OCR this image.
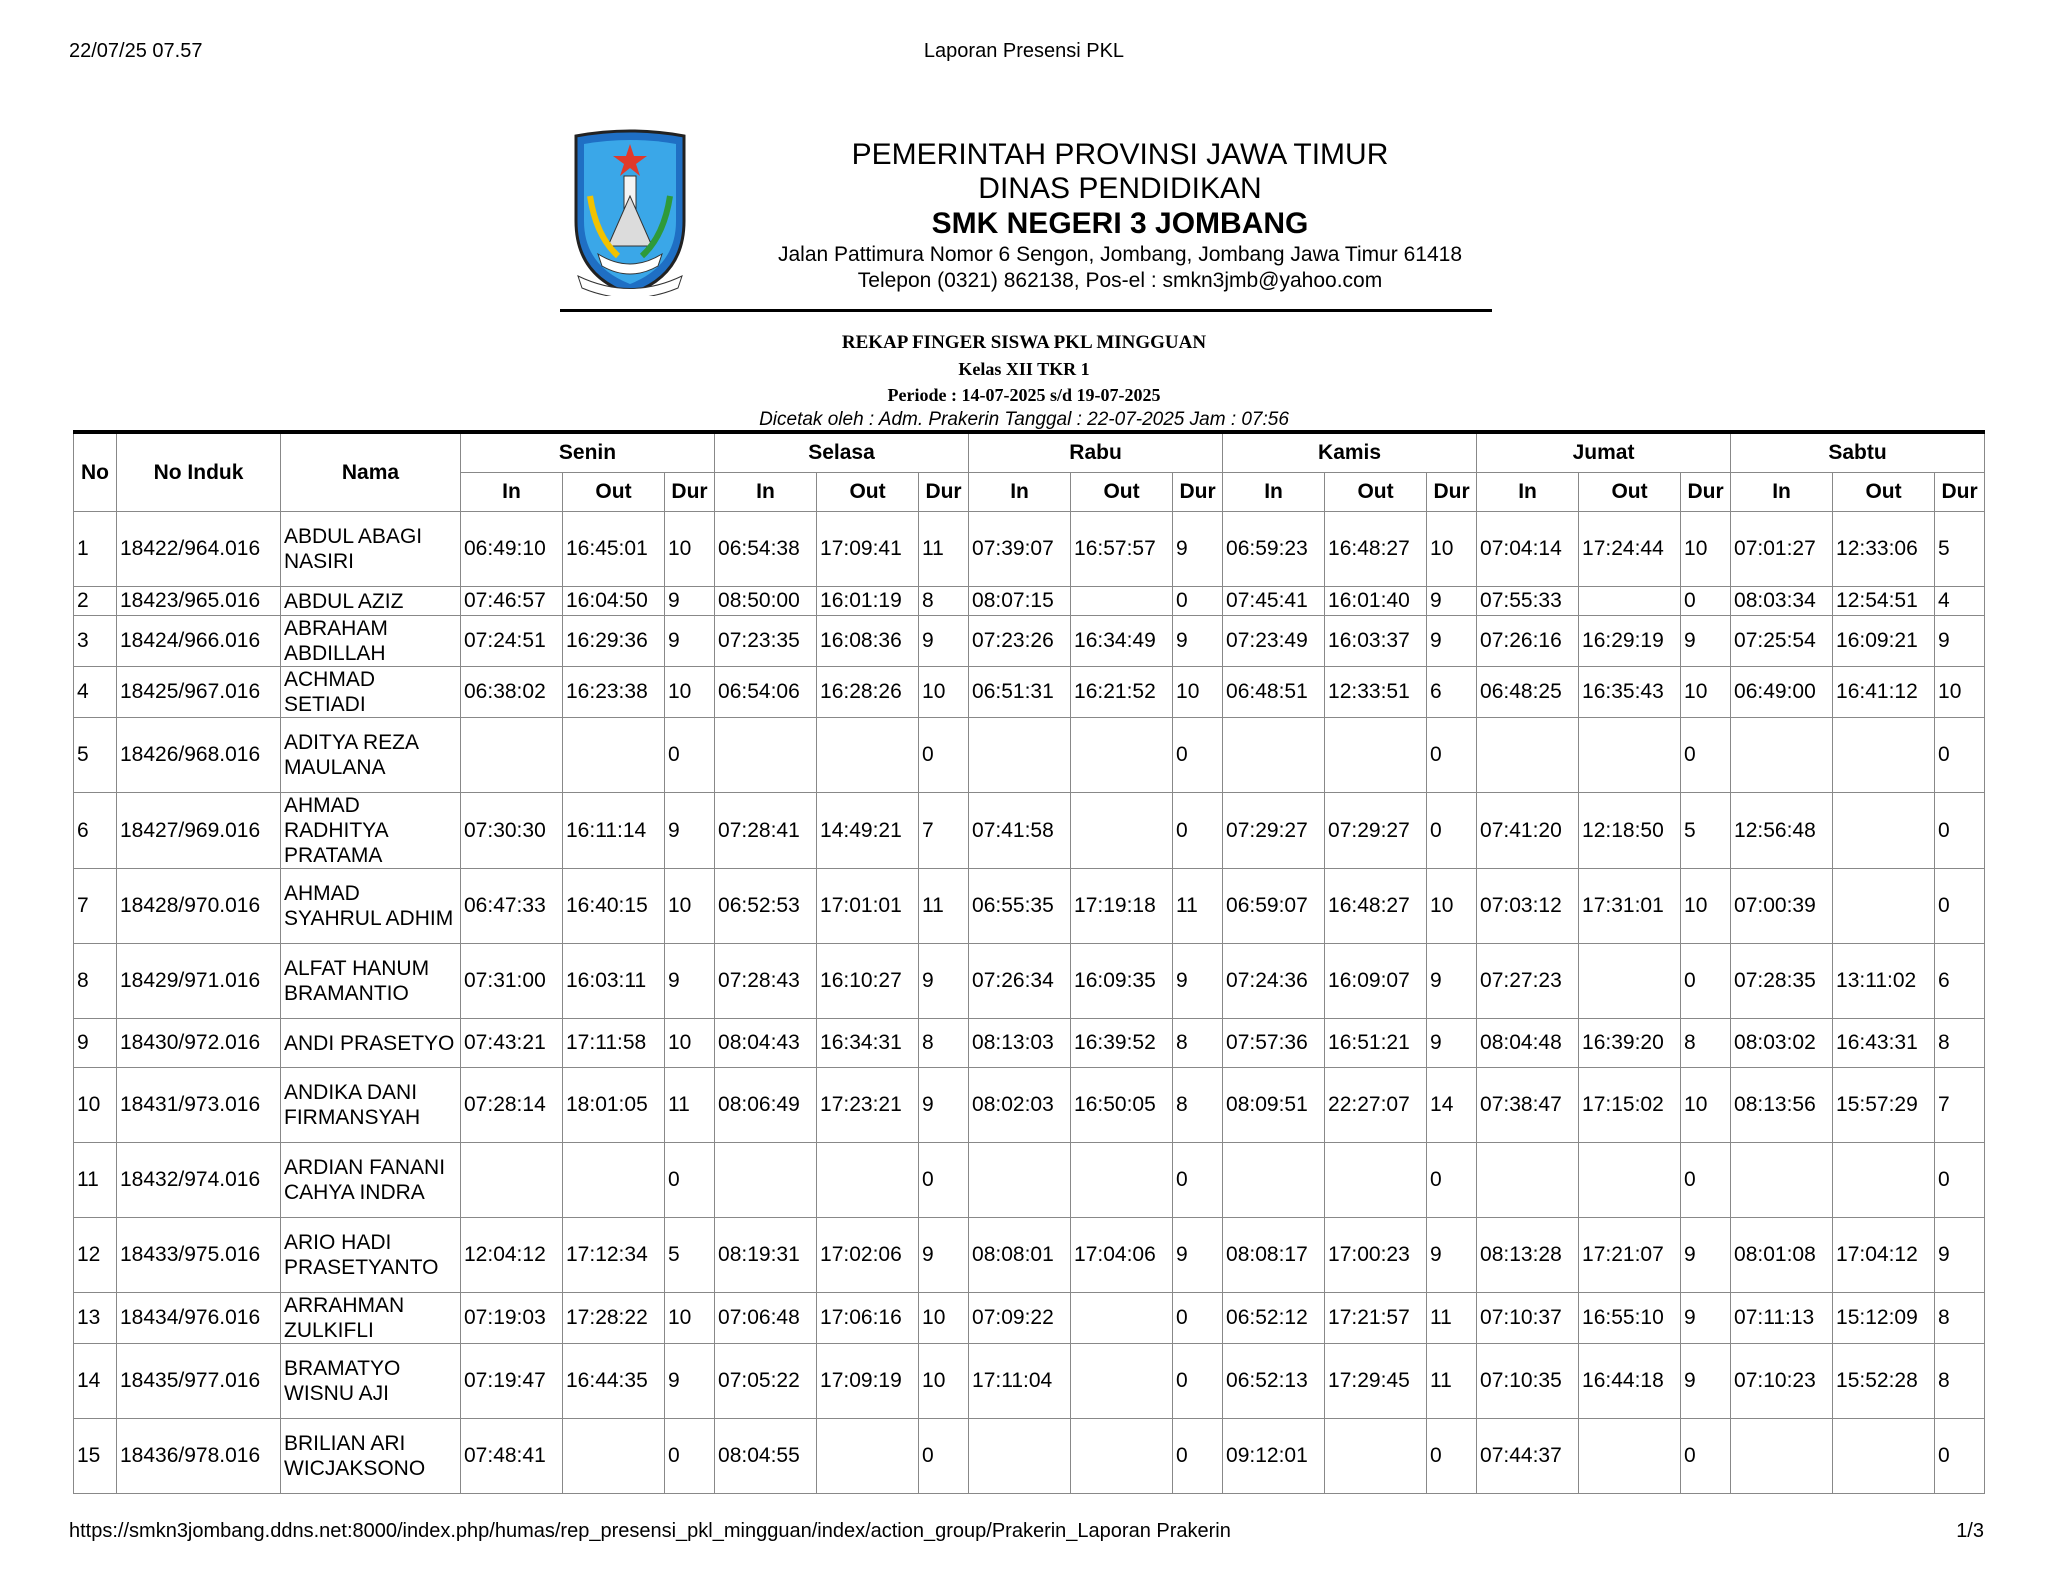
22/07/25 07.57	Laporan Presensi PKL
PEMERINTAH PROVINSI JAWA TIMUR
DINAS PENDIDIKAN
SMK NEGERI 3 JOMBANG
Jalan Pattimura Nomor 6 Sengon, Jombang, Jombang Jawa Timur 61418
Telepon (0321) 862138, Pos-el : smkn3jmb@yahoo.com
REKAP FINGER SISWA PKL MINGGUAN
Kelas XII TKR 1
Periode : 14-07-2025 s/d 19-07-2025
Dicetak oleh : Adm. Prakerin Tanggal : 22-07-2025 Jam : 07:56
No	No Induk	Nama	Senin			Selasa			Rabu			Kamis			Jumat			Sabtu		
			In	Out	Dur	In	Out	Dur	In	Out	Dur	In	Out	Dur	In	Out	Dur	In	Out	Dur
1	18422/964.016	ABDUL ABAGI NASIRI	06:49:10	16:45:01	10	06:54:38	17:09:41	11	07:39:07	16:57:57	9	06:59:23	16:48:27	10	07:04:14	17:24:44	10	07:01:27	12:33:06	5
2	18423/965.016	ABDUL AZIZ	07:46:57	16:04:50	9	08:50:00	16:01:19	8	08:07:15		0	07:45:41	16:01:40	9	07:55:33		0	08:03:34	12:54:51	4
3	18424/966.016	ABRAHAM ABDILLAH	07:24:51	16:29:36	9	07:23:35	16:08:36	9	07:23:26	16:34:49	9	07:23:49	16:03:37	9	07:26:16	16:29:19	9	07:25:54	16:09:21	9
4	18425/967.016	ACHMAD SETIADI	06:38:02	16:23:38	10	06:54:06	16:28:26	10	06:51:31	16:21:52	10	06:48:51	12:33:51	6	06:48:25	16:35:43	10	06:49:00	16:41:12	10
5	18426/968.016	ADITYA REZA MAULANA			0			0			0			0			0			0
6	18427/969.016	AHMAD RADHITYA PRATAMA	07:30:30	16:11:14	9	07:28:41	14:49:21	7	07:41:58		0	07:29:27	07:29:27	0	07:41:20	12:18:50	5	12:56:48		0
7	18428/970.016	AHMAD SYAHRUL ADHIM	06:47:33	16:40:15	10	06:52:53	17:01:01	11	06:55:35	17:19:18	11	06:59:07	16:48:27	10	07:03:12	17:31:01	10	07:00:39		0
8	18429/971.016	ALFAT HANUM BRAMANTIO	07:31:00	16:03:11	9	07:28:43	16:10:27	9	07:26:34	16:09:35	9	07:24:36	16:09:07	9	07:27:23		0	07:28:35	13:11:02	6
9	18430/972.016	ANDI PRASETYO	07:43:21	17:11:58	10	08:04:43	16:34:31	8	08:13:03	16:39:52	8	07:57:36	16:51:21	9	08:04:48	16:39:20	8	08:03:02	16:43:31	8
10	18431/973.016	ANDIKA DANI FIRMANSYAH	07:28:14	18:01:05	11	08:06:49	17:23:21	9	08:02:03	16:50:05	8	08:09:51	22:27:07	14	07:38:47	17:15:02	10	08:13:56	15:57:29	7
11	18432/974.016	ARDIAN FANANI CAHYA INDRA			0			0			0			0			0			0
12	18433/975.016	ARIO HADI PRASETYANTO	12:04:12	17:12:34	5	08:19:31	17:02:06	9	08:08:01	17:04:06	9	08:08:17	17:00:23	9	08:13:28	17:21:07	9	08:01:08	17:04:12	9
13	18434/976.016	ARRAHMAN ZULKIFLI	07:19:03	17:28:22	10	07:06:48	17:06:16	10	07:09:22		0	06:52:12	17:21:57	11	07:10:37	16:55:10	9	07:11:13	15:12:09	8
14	18435/977.016	BRAMATYO WISNU AJI	07:19:47	16:44:35	9	07:05:22	17:09:19	10	17:11:04		0	06:52:13	17:29:45	11	07:10:35	16:44:18	9	07:10:23	15:52:28	8
15	18436/978.016	BRILIAN ARI WICJAKSONO	07:48:41		0	08:04:55		0			0	09:12:01		0	07:44:37		0			0
https://smkn3jombang.ddns.net:8000/index.php/humas/rep_presensi_pkl_mingguan/index/action_group/Prakerin_Laporan Prakerin	1/3
